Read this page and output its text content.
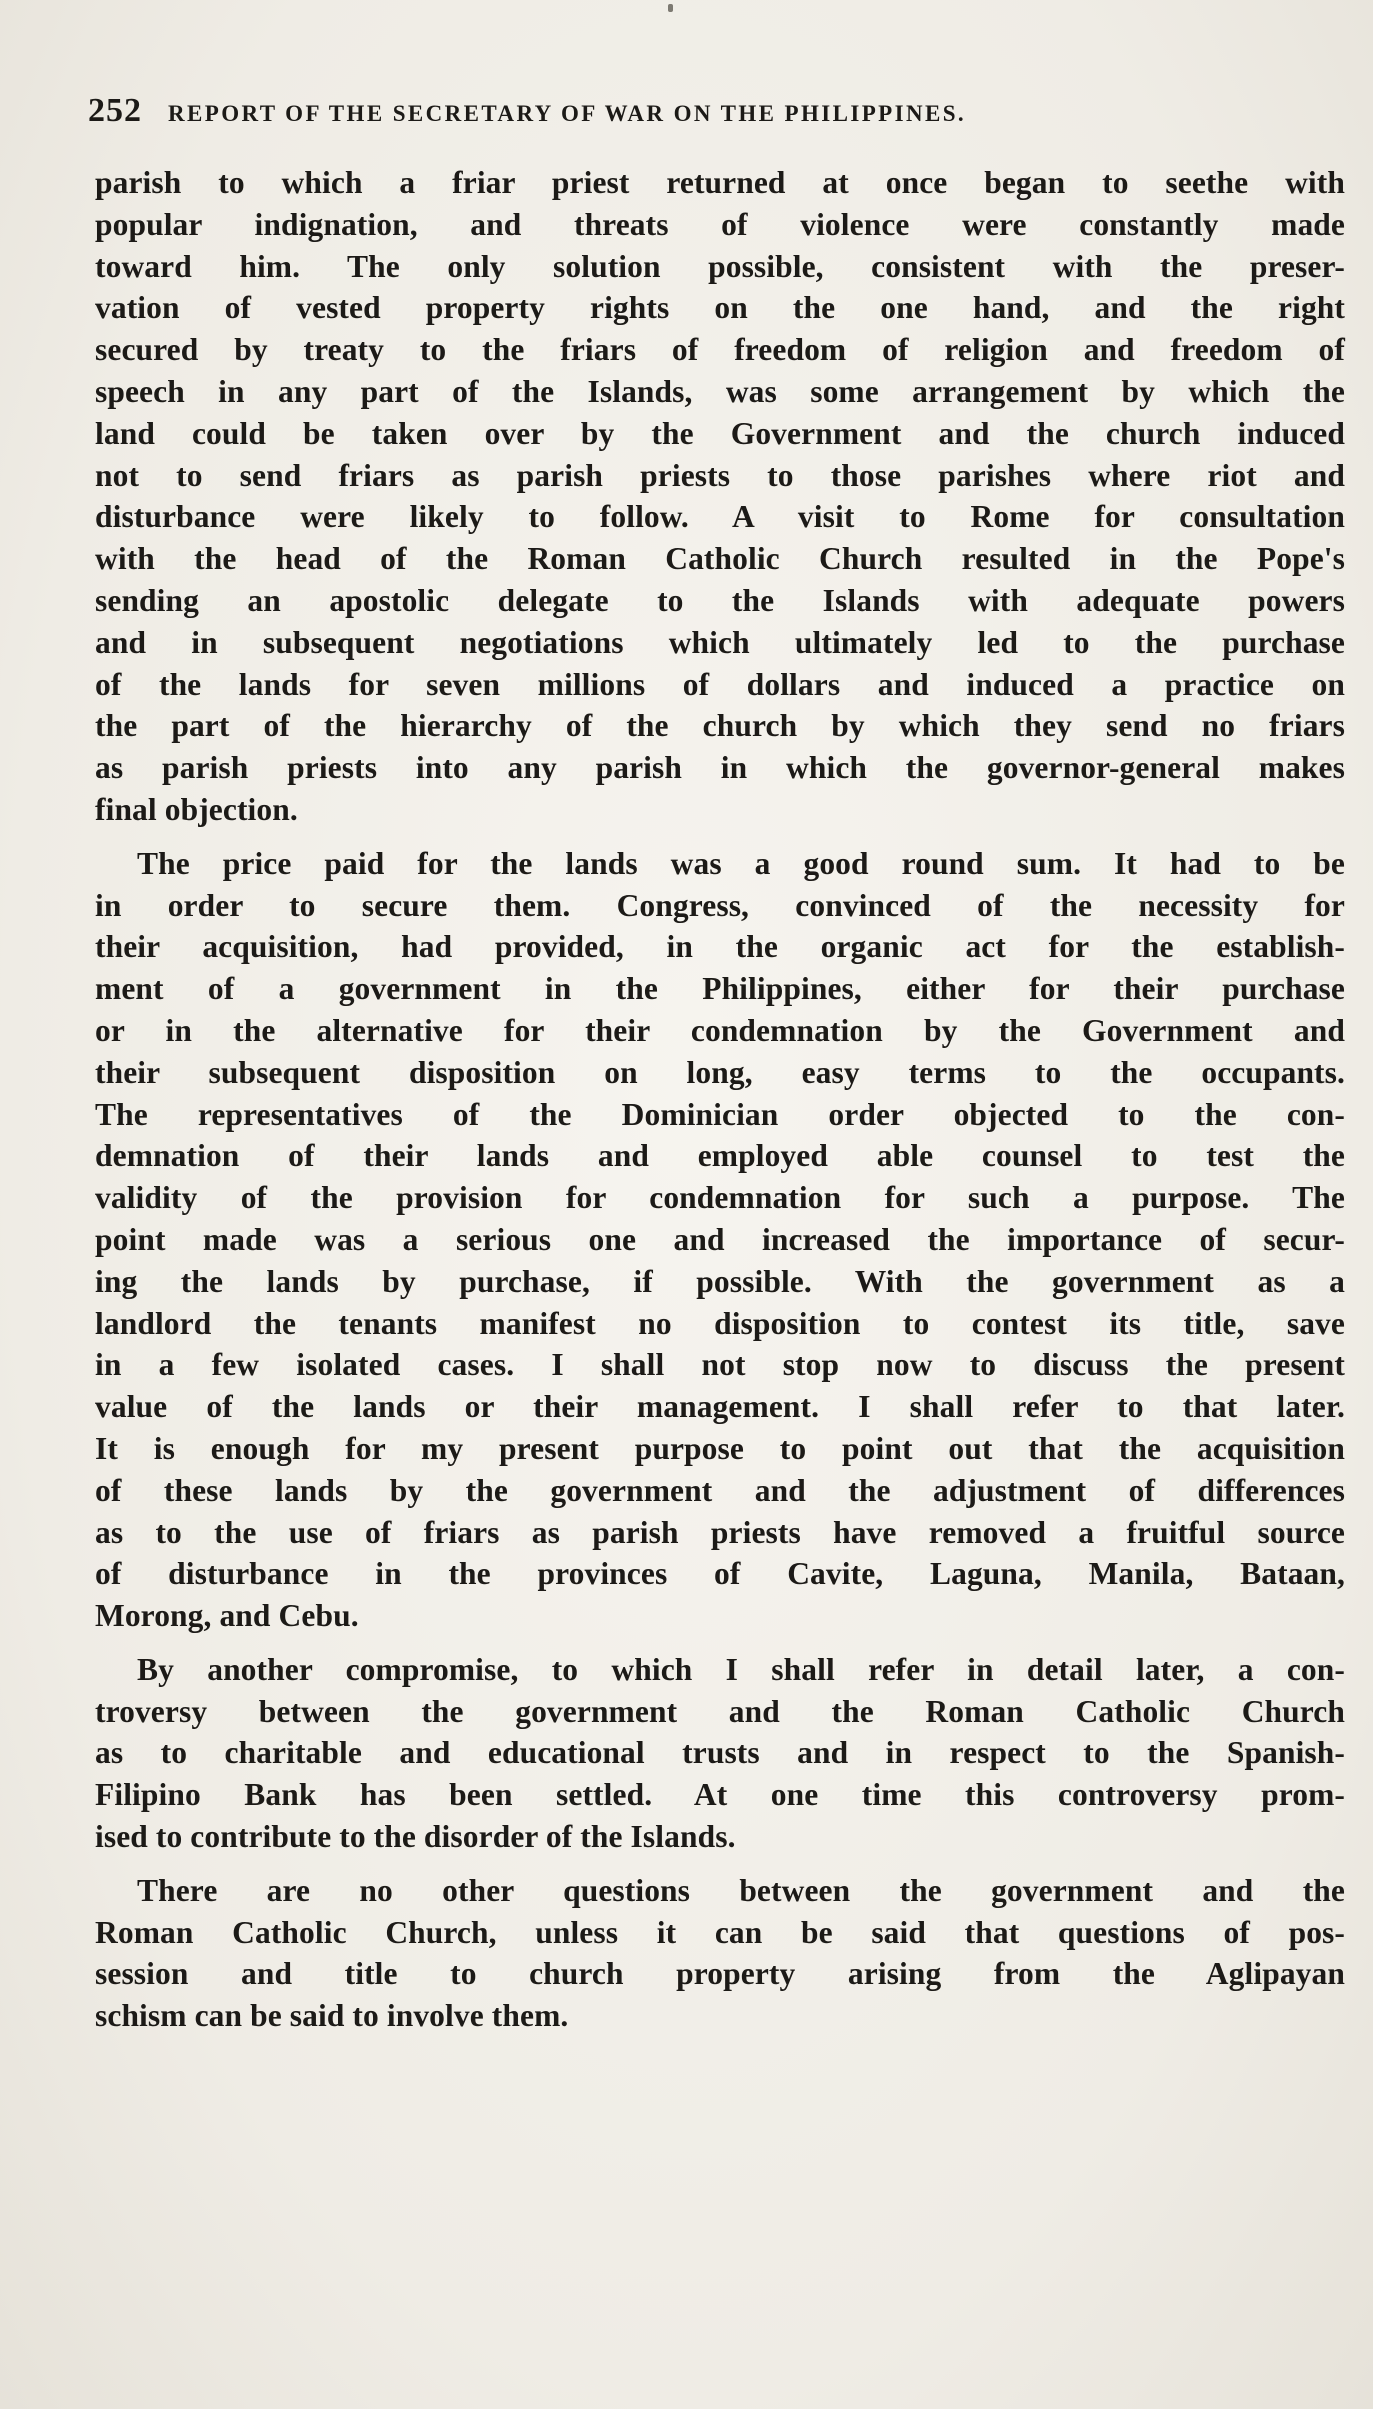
252 REPORT OF THE SECRETARY OF WAR ON THE PHILIPPINES.
parish to which a friar priest returned at once began to seethe with
popular indignation, and threats of violence were constantly made
toward him. The only solution possible, consistent with the preser-
vation of vested property rights on the one hand, and the right
secured by treaty to the friars of freedom of religion and freedom of
speech in any part of the Islands, was some arrangement by which the
land could be taken over by the Government and the church induced
not to send friars as parish priests to those parishes where riot and
disturbance were likely to follow. A visit to Rome for consultation
with the head of the Roman Catholic Church resulted in the Pope's
sending an apostolic delegate to the Islands with adequate powers
and in subsequent negotiations which ultimately led to the purchase
of the lands for seven millions of dollars and induced a practice on
the part of the hierarchy of the church by which they send no friars
as parish priests into any parish in which the governor-general makes
final objection.
The price paid for the lands was a good round sum. It had to be
in order to secure them. Congress, convinced of the necessity for
their acquisition, had provided, in the organic act for the establish-
ment of a government in the Philippines, either for their purchase
or in the alternative for their condemnation by the Government and
their subsequent disposition on long, easy terms to the occupants.
The representatives of the Dominician order objected to the con-
demnation of their lands and employed able counsel to test the
validity of the provision for condemnation for such a purpose. The
point made was a serious one and increased the importance of secur-
ing the lands by purchase, if possible. With the government as a
landlord the tenants manifest no disposition to contest its title, save
in a few isolated cases. I shall not stop now to discuss the present
value of the lands or their management. I shall refer to that later.
It is enough for my present purpose to point out that the acquisition
of these lands by the government and the adjustment of differences
as to the use of friars as parish priests have removed a fruitful source
of disturbance in the provinces of Cavite, Laguna, Manila, Bataan,
Morong, and Cebu.
By another compromise, to which I shall refer in detail later, a con-
troversy between the government and the Roman Catholic Church
as to charitable and educational trusts and in respect to the Spanish-
Filipino Bank has been settled. At one time this controversy prom-
ised to contribute to the disorder of the Islands.
There are no other questions between the government and the
Roman Catholic Church, unless it can be said that questions of pos-
session and title to church property arising from the Aglipayan
schism can be said to involve them.
